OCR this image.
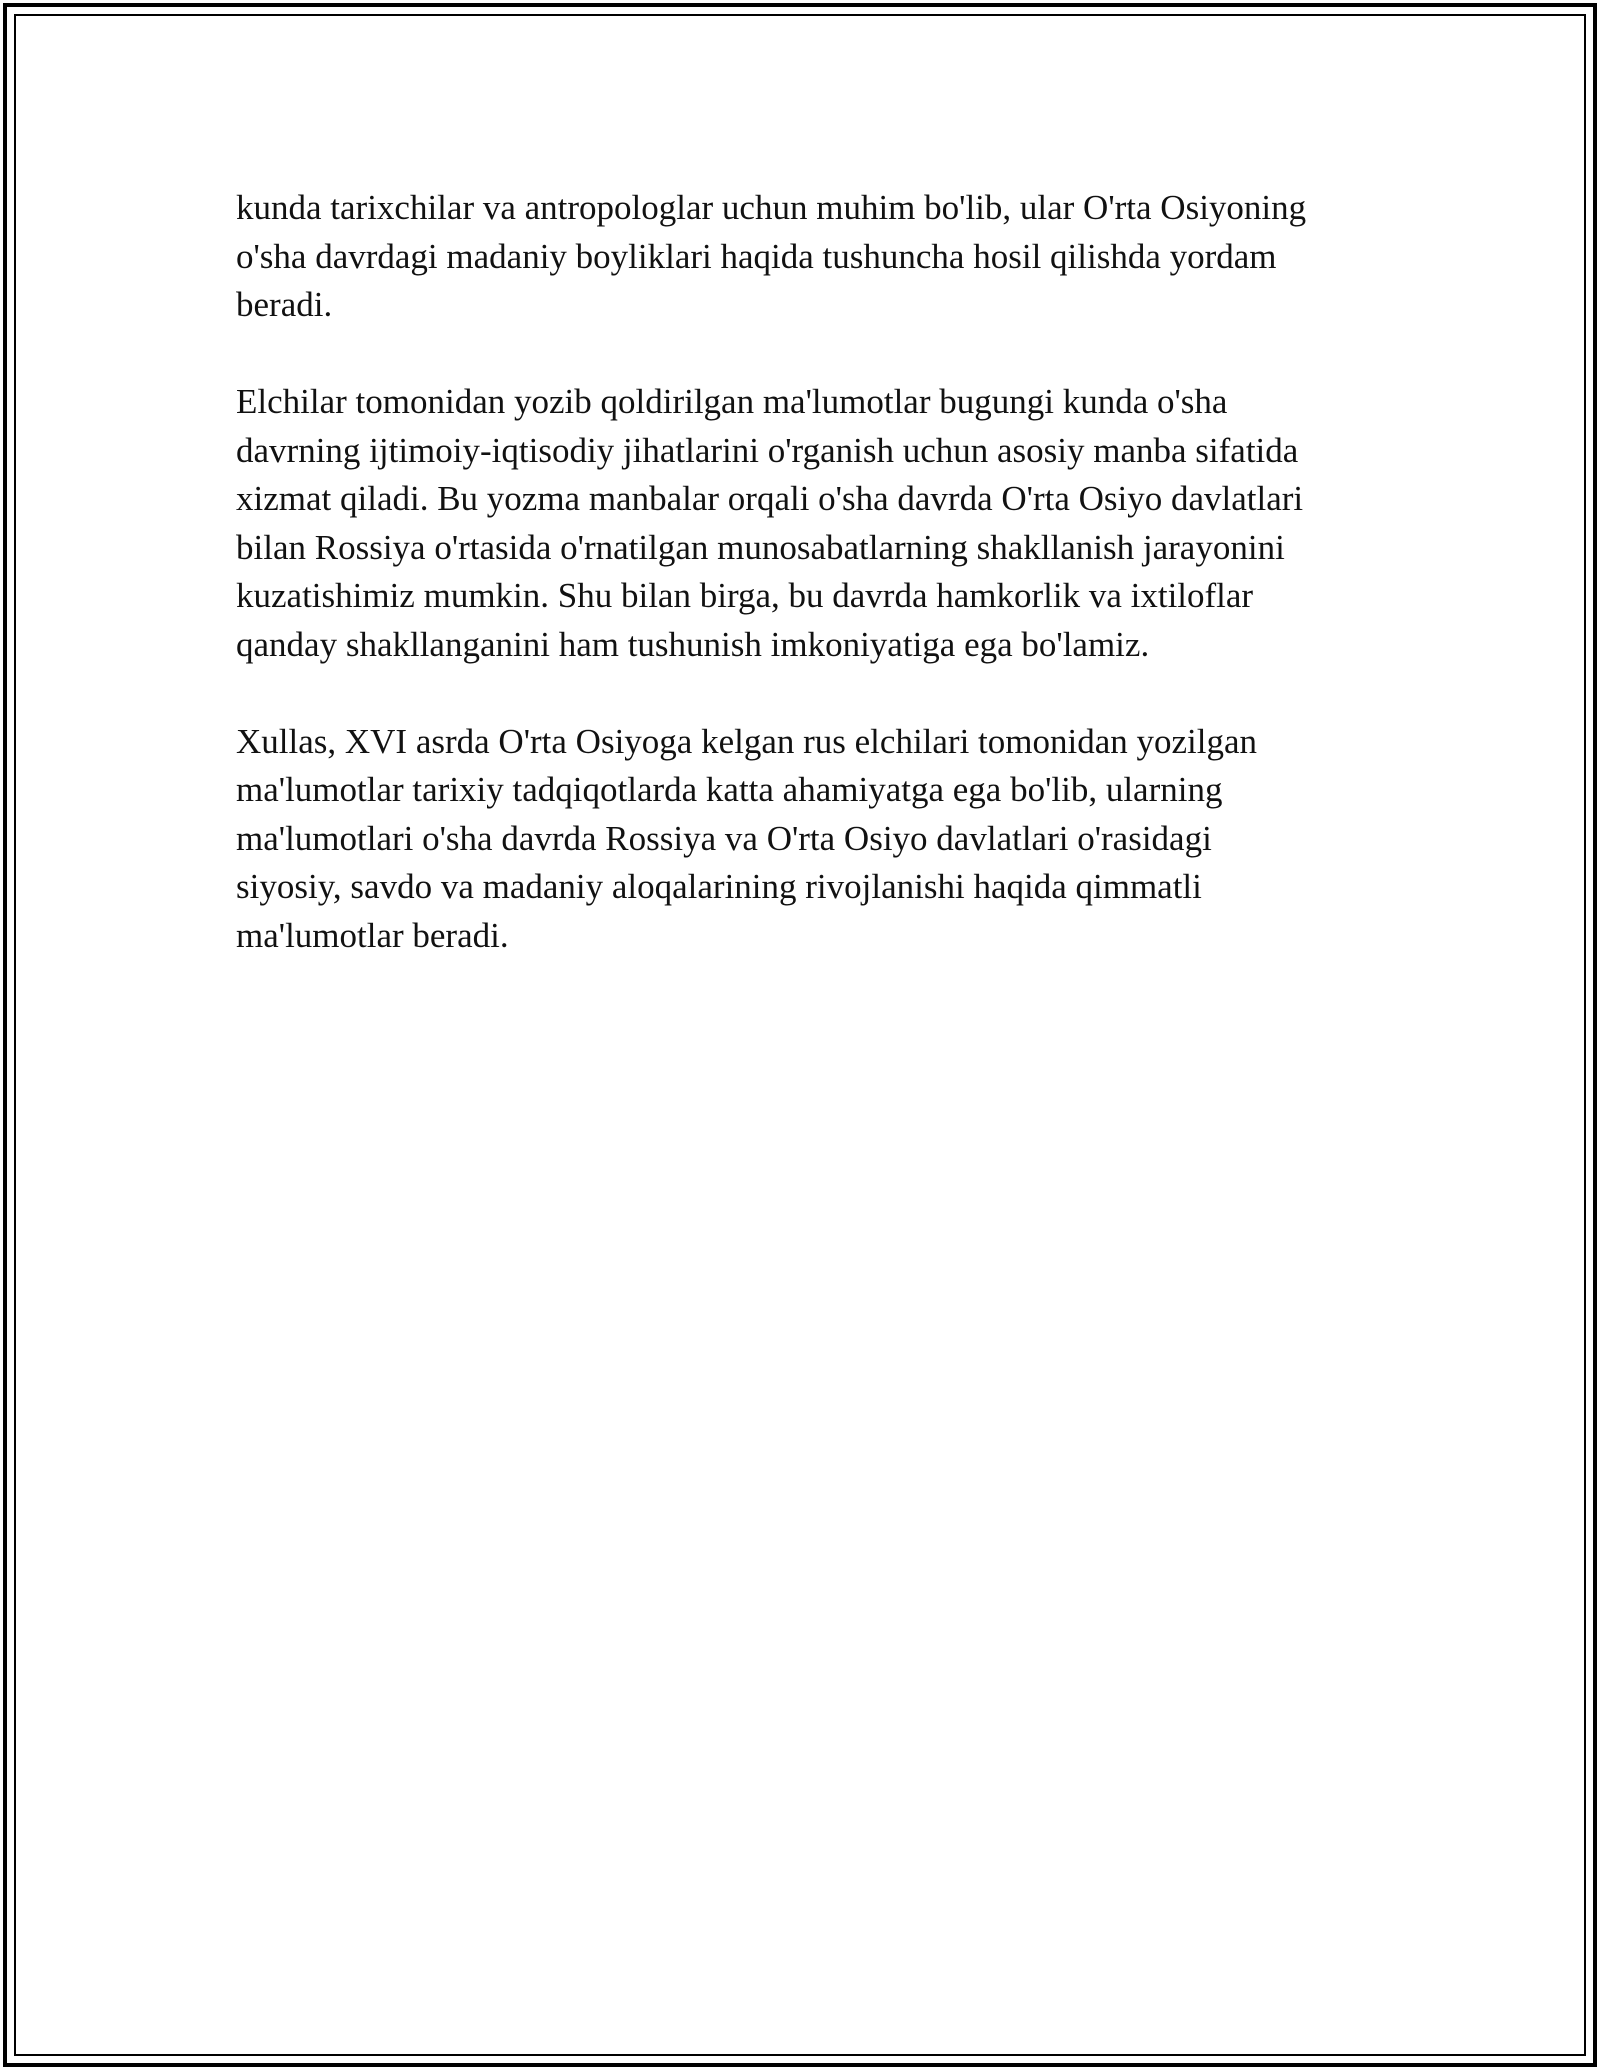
kunda tarixchilar va antropologlar uchun muhim bo'lib, ular O'rta Osiyoning
o'sha davrdagi madaniy boyliklari haqida tushuncha hosil qilishda yordam
beradi.

Elchilar tomonidan yozib qoldirilgan ma'lumotlar bugungi kunda o'sha
davrning ijtimoiy-iqtisodiy jihatlarini o'rganish uchun asosiy manba sifatida
xizmat qiladi. Bu yozma manbalar orqali o'sha davrda O'rta Osiyo davlatlari
bilan Rossiya o'rtasida o'rnatilgan munosabatlarning shakllanish jarayonini
kuzatishimiz mumkin. Shu bilan birga, bu davrda hamkorlik va ixtiloflar
qanday shakllanganini ham tushunish imkoniyatiga ega bo'lamiz.

Xullas, XVI asrda O'rta Osiyoga kelgan rus elchilari tomonidan yozilgan
ma'lumotlar tarixiy tadqiqotlarda katta ahamiyatga ega bo'lib, ularning
ma'lumotlari o'sha davrda Rossiya va O'rta Osiyo davlatlari o'rasidagi
siyosiy, savdo va madaniy aloqalarining rivojlanishi haqida qimmatli
ma'lumotlar beradi.
